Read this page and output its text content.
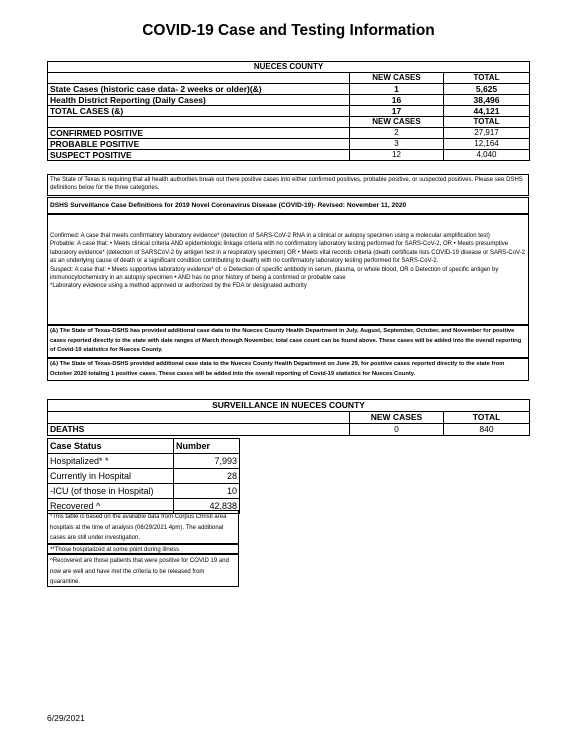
COVID-19 Case and Testing Information
NUECES COUNTY		
	NEW CASES	TOTAL
State Cases (historic case data- 2 weeks or older)(&)	1	5,625
Health District Reporting (Daily Cases)	16	38,496
TOTAL CASES (&)	17	44,121
	NEW CASES	TOTAL
CONFIRMED POSITIVE	2	27,917
PROBABLE POSITIVE	3	12,164
SUSPECT POSITIVE	12	4,040
The State of Texas is requiring that all health authorities break out there positive cases into either confirmed positives, probable positive, or suspected positives. Please see DSHS definitions below for the three categories.
DSHS Surveillance Case Definitions for 2019 Novel Coronavirus Disease (COVID-19)- Revised: November 11, 2020

Confirmed: A case that meets confirmatory laboratory evidence* (detection of SARS-CoV-2 RNA in a clinical or autopsy specimen using a molecular amplification test)

Probable: A case that: • Meets clinical criteria AND epidemiologic linkage criteria with no confirmatory laboratory testing performed for SARS-CoV-2, OR • Meets presumptive laboratory evidence* (detection of SARSCoV-2 by antigen test in a respiratory specimen) OR • Meets vital records criteria (death certificate lists COVID-19 disease or SARS-CoV-2 as an underlying cause of death or a significant condition contributing to death) with no confirmatory laboratory testing performed for SARS-CoV-2.

Suspect: A case that: • Meets supportive laboratory evidence* of: o Detection of specific antibody in serum, plasma, or whole blood, OR o Detection of specific antigen by immunocytochemistry in an autopsy specimen • AND has no prior history of being a confirmed or probable case

*Laboratory evidence using a method approved or authorized by the FDA or designated authority

(&) The State of Texas-DSHS has provided additional case data to the Nueces County Health Department in July, August, September, October, and November for positive cases reported directly to the state with date ranges of March through November, total case count can be found above. These cases will be added into the overall reporting of Covid-19 statistics for Nueces County.
(&) The State of Texas-DSHS provided additional case data to the Nueces County Health Department on June 29, for positive cases reported directly to the state from October 2020 totaling 1 positive cases. These cases will be added into the overall reporting of Covid-19 statistics for Nueces County.
SURVEILLANCE IN NUECES COUNTY		
	NEW CASES	TOTAL
DEATHS	0	840
Case Status	Number
Hospitalized* *	7,993
Currently in Hospital	28
-ICU (of those in Hospital)	10
Recovered ^	42,838
*This table is based on the available data from Corpus Christi area hospitals at the time of analysis (06/29/2021 4pm). The additional cases are still under investigation.
**Those hospitalized at some point during illness
^Recovered are those patients that were positive for COVID 19 and now are well and have met the criteria to be released from quarantine.
6/29/2021
